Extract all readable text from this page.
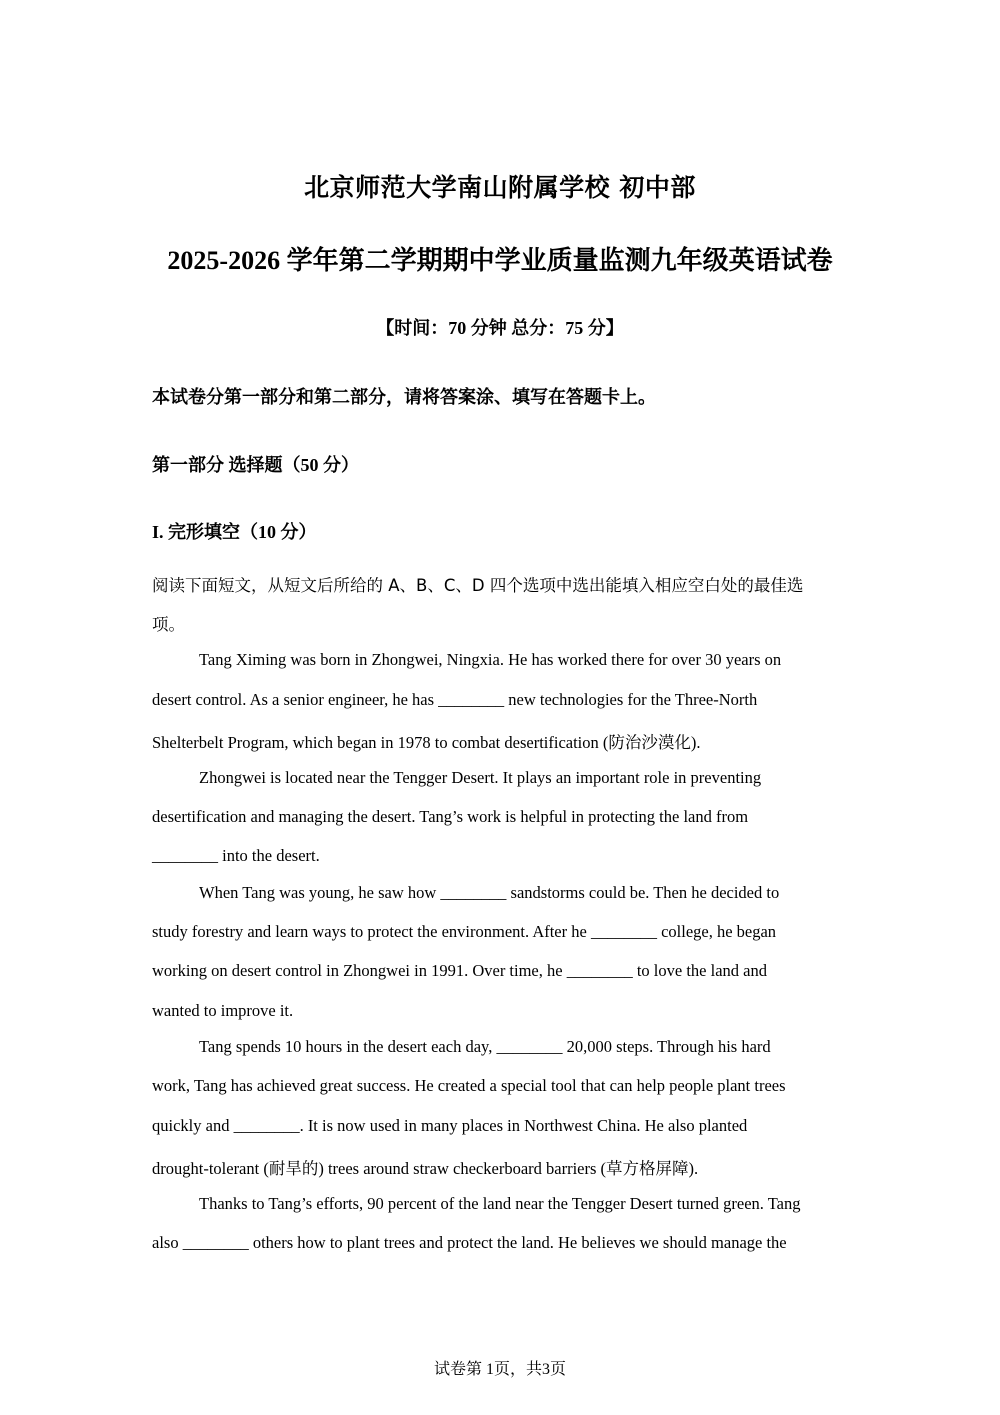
北京师范大学南山附属学校 初中部
2025-2026 学年第二学期期中学业质量监测九年级英语试卷
【时间：70 分钟 总分：75 分】
本试卷分第一部分和第二部分，请将答案涂、填写在答题卡上。
第一部分 选择题（50 分）
I. 完形填空（10 分）
阅读下面短文，从短文后所给的 A、B、C、D 四个选项中选出能填入相应空白处的最佳选
项。
Tang Ximing was born in Zhongwei, Ningxia. He has worked there for over 30 years on
desert control. As a senior engineer, he has ________ new technologies for the Three-North
Shelterbelt Program, which began in 1978 to combat desertification (防治沙漠化).
Zhongwei is located near the Tengger Desert. It plays an important role in preventing
desertification and managing the desert. Tang’s work is helpful in protecting the land from
________ into the desert.
When Tang was young, he saw how ________ sandstorms could be. Then he decided to
study forestry and learn ways to protect the environment. After he ________ college, he began
working on desert control in Zhongwei in 1991. Over time, he ________ to love the land and
wanted to improve it.
Tang spends 10 hours in the desert each day, ________ 20,000 steps. Through his hard
work, Tang has achieved great success. He created a special tool that can help people plant trees
quickly and ________. It is now used in many places in Northwest China. He also planted
drought-tolerant (耐旱的) trees around straw checkerboard barriers (草方格屏障).
Thanks to Tang’s efforts, 90 percent of the land near the Tengger Desert turned green. Tang
also ________ others how to plant trees and protect the land. He believes we should manage the
试卷第 1页，共3页
